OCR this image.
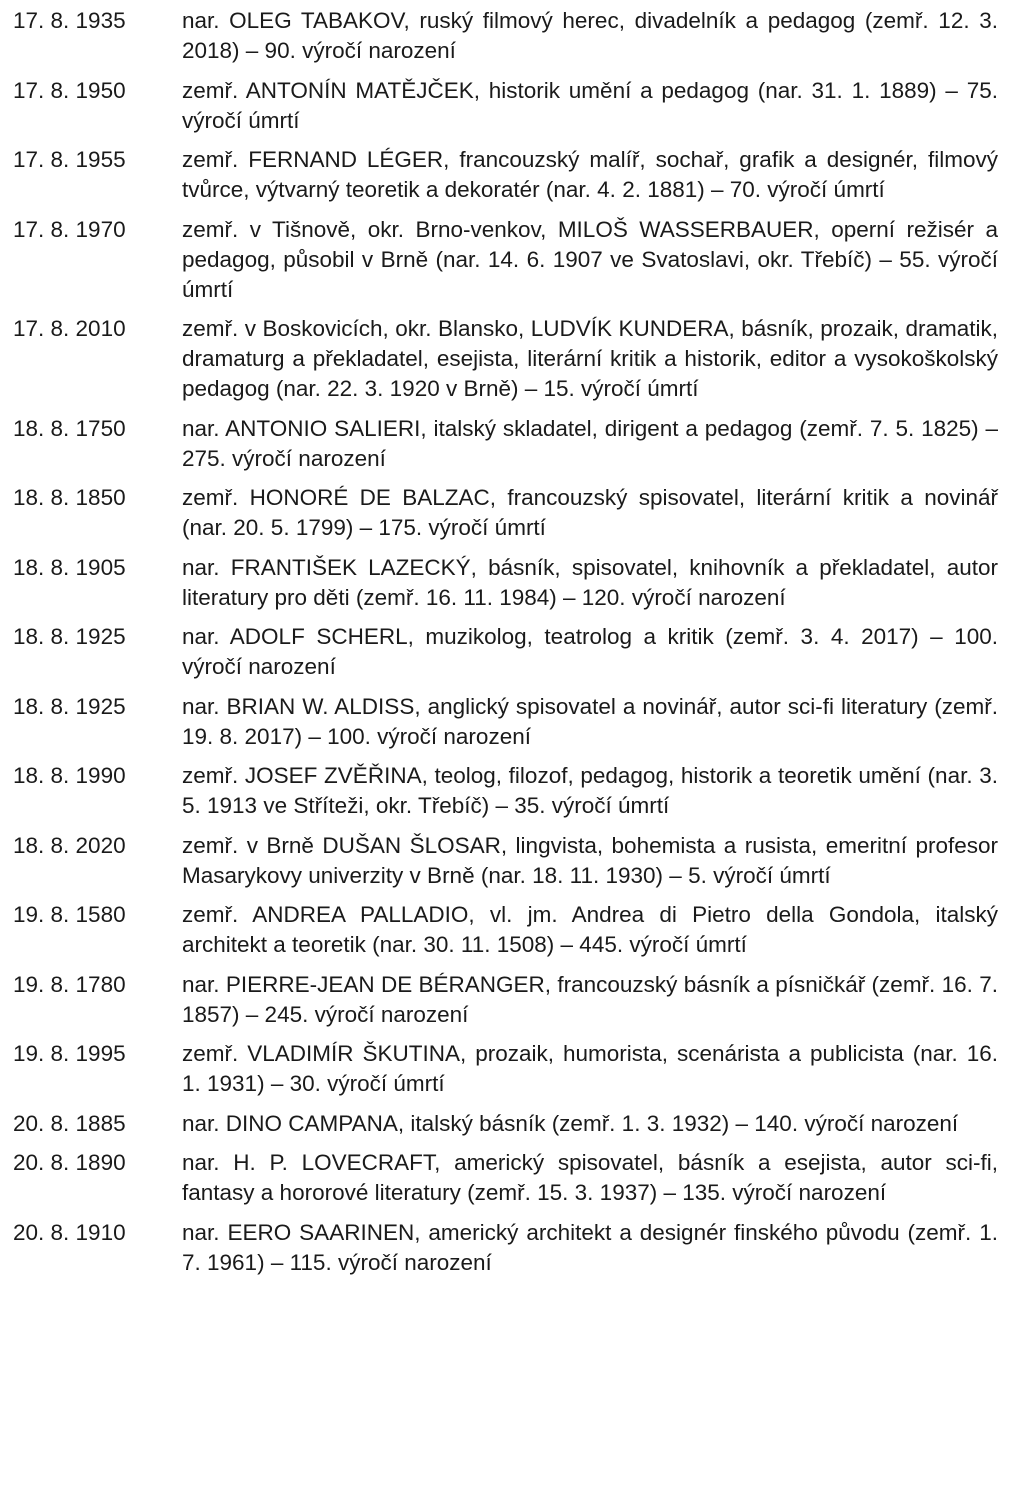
17. 8. 1935	nar. OLEG TABAKOV, ruský filmový herec, divadelník a pedagog (zemř. 12. 3. 2018) – 90. výročí narození
17. 8. 1950	zemř. ANTONÍN MATĚJČEK, historik umění a pedagog (nar. 31. 1. 1889) – 75. výročí úmrtí
17. 8. 1955	zemř. FERNAND LÉGER, francouzský malíř, sochař, grafik a designér, filmový tvůrce, výtvarný teoretik a dekoratér (nar. 4. 2. 1881) – 70. výročí úmrtí
17. 8. 1970	zemř. v Tišnově, okr. Brno-venkov, MILOŠ WASSERBAUER, operní režisér a pedagog, působil v Brně (nar. 14. 6. 1907 ve Svatoslavi, okr. Třebíč) – 55. výročí úmrtí
17. 8. 2010	zemř. v Boskovicích, okr. Blansko, LUDVÍK KUNDERA, básník, prozaik, dramatik, dramaturg a překladatel, esejista, literární kritik a historik, editor a vysokoškolský pedagog (nar. 22. 3. 1920 v Brně) – 15. výročí úmrtí
18. 8. 1750	nar. ANTONIO SALIERI, italský skladatel, dirigent a pedagog (zemř. 7. 5. 1825) – 275. výročí narození
18. 8. 1850	zemř. HONORÉ DE BALZAC, francouzský spisovatel, literární kritik a novinář (nar. 20. 5. 1799) – 175. výročí úmrtí
18. 8. 1905	nar. FRANTIŠEK LAZECKÝ, básník, spisovatel, knihovník a překladatel, autor literatury pro děti (zemř. 16. 11. 1984) – 120. výročí narození
18. 8. 1925	nar. ADOLF SCHERL, muzikolog, teatrolog a kritik (zemř. 3. 4. 2017) – 100. výročí narození
18. 8. 1925	nar. BRIAN W. ALDISS, anglický spisovatel a novinář, autor sci-fi literatury (zemř. 19. 8. 2017) – 100. výročí narození
18. 8. 1990	zemř. JOSEF ZVĚŘINA, teolog, filozof, pedagog, historik a teoretik umění (nar. 3. 5. 1913 ve Stříteži, okr. Třebíč) – 35. výročí úmrtí
18. 8. 2020	zemř. v Brně DUŠAN ŠLOSAR, lingvista, bohemista a rusista, emeritní profesor Masarykovy univerzity v Brně (nar. 18. 11. 1930) – 5. výročí úmrtí
19. 8. 1580	zemř. ANDREA PALLADIO, vl. jm. Andrea di Pietro della Gondola, italský architekt a teoretik (nar. 30. 11. 1508) – 445. výročí úmrtí
19. 8. 1780	nar. PIERRE-JEAN DE BÉRANGER, francouzský básník a písničkář (zemř. 16. 7. 1857) – 245. výročí narození
19. 8. 1995	zemř. VLADIMÍR ŠKUTINA, prozaik, humorista, scenárista a publicista (nar. 16. 1. 1931) – 30. výročí úmrtí
20. 8. 1885	nar. DINO CAMPANA, italský básník (zemř. 1. 3. 1932) – 140. výročí narození
20. 8. 1890	nar. H. P. LOVECRAFT, americký spisovatel, básník a esejista, autor sci-fi, fantasy a hororové literatury (zemř. 15. 3. 1937) – 135. výročí narození
20. 8. 1910	nar. EERO SAARINEN, americký architekt a designér finského původu (zemř. 1. 7. 1961) – 115. výročí narození
